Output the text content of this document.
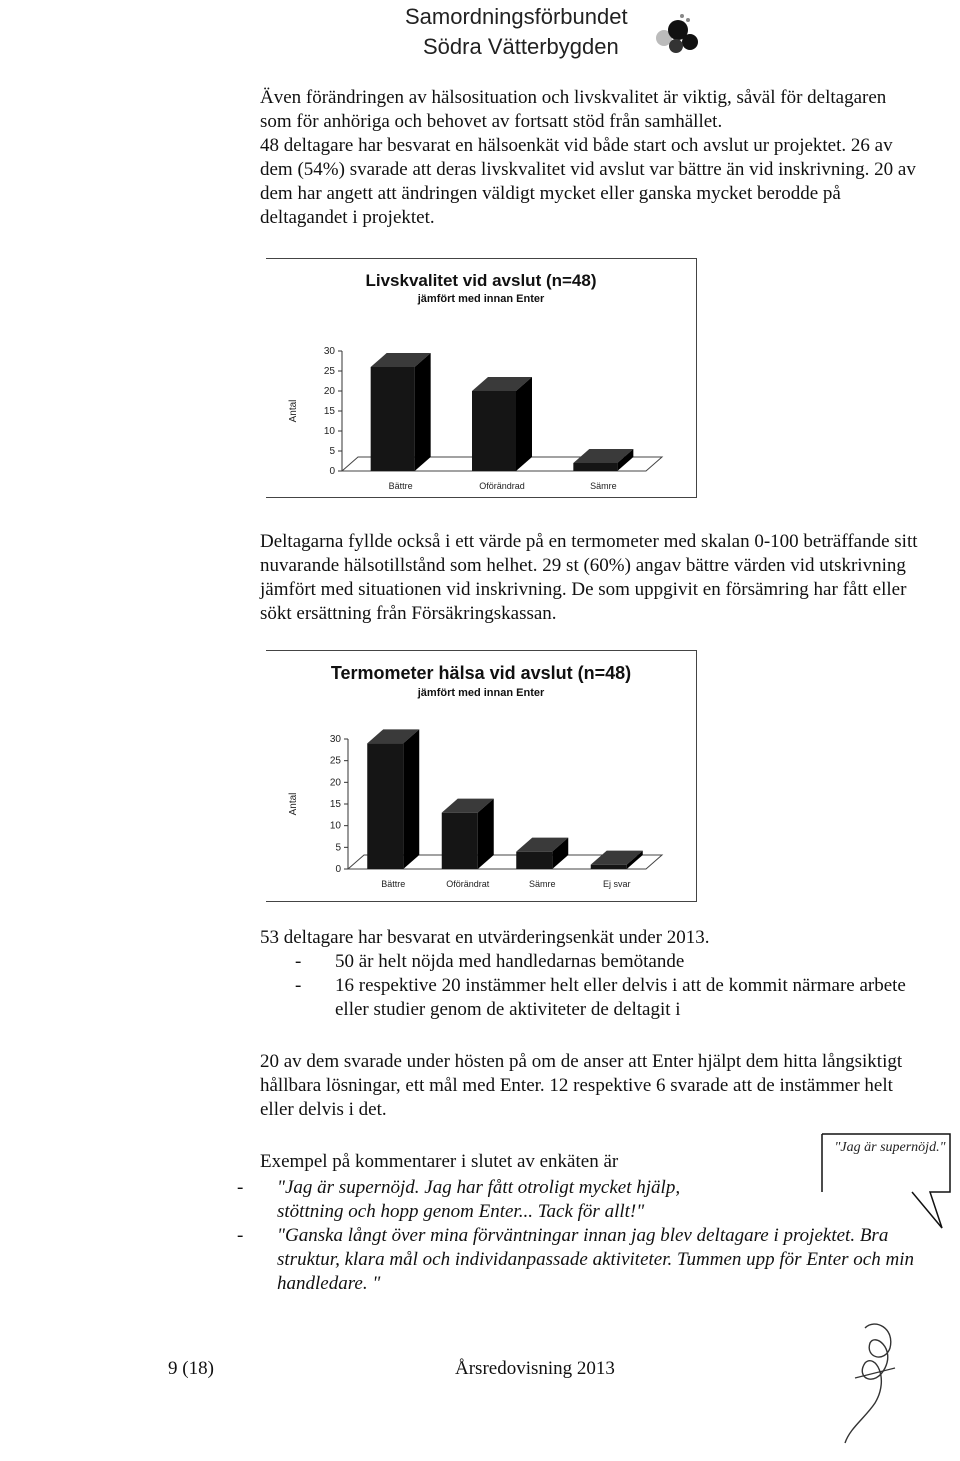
Samordningsförbundet
Södra Vätterbygden

Även förändringen av hälsosituation och livskvalitet är viktig, såväl för deltagaren som för anhöriga och behovet av fortsatt stöd från samhället.

48 deltagare har besvarat en hälsoenkät vid både start och avslut ur projektet. 26 av dem (54%) svarade att deras livskvalitet vid avslut var bättre än vid inskrivning. 20 av dem har angett att ändringen väldigt mycket eller ganska mycket berodde på deltagandet i projektet.

Livskvalitet vid avslut (n=48)
jämfört med innan Enter
0
5
10
15
20
25
30
Antal
Bättre	Oförändrad	Sämre

Deltagarna fyllde också i ett värde på en termometer med skalan 0-100 beträffande sitt nuvarande hälsotillstånd som helhet. 29 st (60%) angav bättre värden vid utskrivning jämfört med situationen vid inskrivning. De som uppgivit en försämring har fått eller sökt ersättning från Försäkringskassan.

Termometer hälsa vid avslut (n=48)
jämfört med innan Enter
0
5
10
15
20
25
30
Antal
Bättre	Oförändrat	Sämre	Ej svar

53 deltagare har besvarat en utvärderingsenkät under 2013.

- 50 är helt nöjda med handledarnas bemötande
- 16 respektive 20 instämmer helt eller delvis i att de kommit närmare arbete eller studier genom de aktiviteter de deltagit i

20 av dem svarade under hösten på om de anser att Enter hjälpt dem hitta långsiktigt hållbara lösningar, ett mål med Enter. 12 respektive 6 svarade att de instämmer helt eller delvis i det.

Exempel på kommentarer i slutet av enkäten är

-	"Jag är supernöjd. Jag har fått otroligt mycket hjälp, stöttning och hopp genom Enter... Tack för allt!"
-	"Ganska långt över mina förväntningar innan jag blev deltagare i projektet. Bra struktur, klara mål och individanpassade aktiviteter. Tummen upp för Enter och min handledare. "
"Jag är supernöjd."
9 (18)	Årsredovisning 2013
